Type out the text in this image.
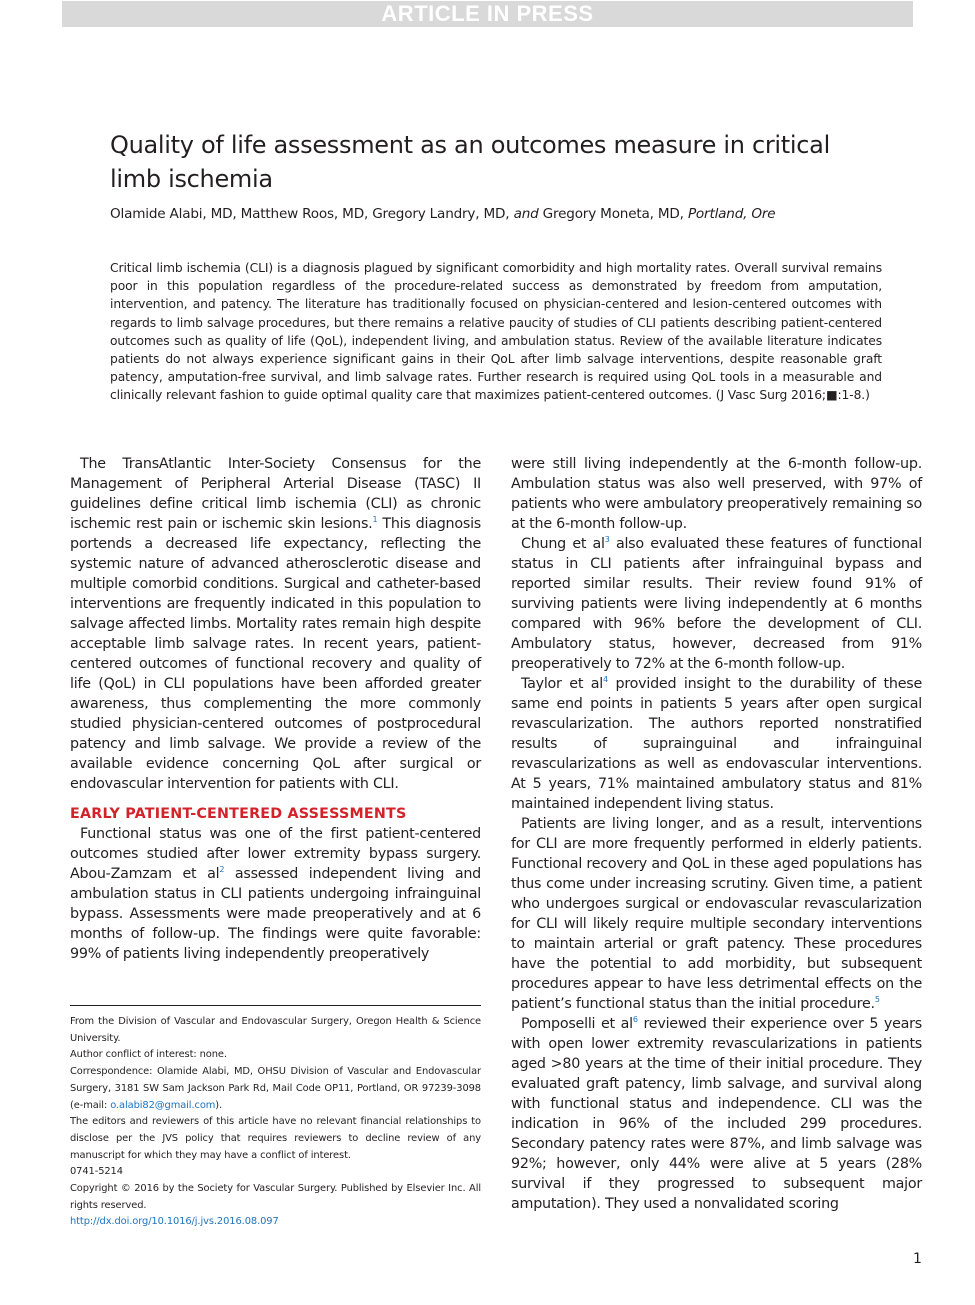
ARTICLE IN PRESS
Quality of life assessment as an outcomes measure in critical limb ischemia
Olamide Alabi, MD, Matthew Roos, MD, Gregory Landry, MD, and Gregory Moneta, MD, Portland, Ore

Critical limb ischemia (CLI) is a diagnosis plagued by significant comorbidity and high mortality rates. Overall survival remains poor in this population regardless of the procedure-related success as demonstrated by freedom from amputation, intervention, and patency. The literature has traditionally focused on physician-centered and lesion-centered outcomes with regards to limb salvage procedures, but there remains a relative paucity of studies of CLI patients describing patient-centered outcomes such as quality of life (QoL), independent living, and ambulation status. Review of the available literature indicates patients do not always experience significant gains in their QoL after limb salvage interventions, despite reasonable graft patency, amputation-free survival, and limb salvage rates. Further research is required using QoL tools in a measurable and clinically relevant fashion to guide optimal quality care that maximizes patient-centered outcomes. (J Vasc Surg 2016;■:1-8.)

The TransAtlantic Inter-Society Consensus for the Management of Peripheral Arterial Disease (TASC) II guidelines define critical limb ischemia (CLI) as chronic ischemic rest pain or ischemic skin lesions.$^1$ This diagnosis portends a decreased life expectancy, reflecting the systemic nature of advanced atherosclerotic disease and multiple comorbid conditions. Surgical and catheter-based interventions are frequently indicated in this population to salvage affected limbs. Mortality rates remain high despite acceptable limb salvage rates. In recent years, patient-centered outcomes of functional recovery and quality of life (QoL) in CLI populations have been afforded greater awareness, thus complementing the more commonly studied physician-centered outcomes of postprocedural patency and limb salvage. We provide a review of the available evidence concerning QoL after surgical or endovascular intervention for patients with CLI.

EARLY PATIENT-CENTERED ASSESSMENTS

Functional status was one of the first patient-centered outcomes studied after lower extremity bypass surgery. Abou-Zamzam et $al^2$ assessed independent living and ambulation status in CLI patients undergoing infrainguinal bypass. Assessments were made preoperatively and at 6 months of follow-up. The findings were quite favorable: 99% of patients living independently preoperatively

were still living independently at the 6-month follow-up. Ambulation status was also well preserved, with 97% of patients who were ambulatory preoperatively remaining so at the 6-month follow-up.

Chung et $al^3$ also evaluated these features of functional status in CLI patients after infrainguinal bypass and reported similar results. Their review found 91% of surviving patients were living independently at 6 months compared with 96% before the development of CLI. Ambulatory status, however, decreased from 91% preoperatively to 72% at the 6-month follow-up.

Taylor et $al^4$ provided insight to the durability of these same end points in patients 5 years after open surgical revascularization. The authors reported nonstratified results of suprainguinal and infrainguinal revascularizations as well as endovascular interventions. At 5 years, 71% maintained ambulatory status and 81% maintained independent living status.

Patients are living longer, and as a result, interventions for CLI are more frequently performed in elderly patients. Functional recovery and QoL in these aged populations has thus come under increasing scrutiny. Given time, a patient who undergoes surgical or endovascular revascularization for CLI will likely require multiple secondary interventions to maintain arterial or graft patency. These procedures have the potential to add morbidity, but subsequent procedures appear to have less detrimental effects on the patient’s functional status than the initial procedure.$^5$

Pomposelli et $al^6$ reviewed their experience over 5 years with open lower extremity revascularizations in patients aged >80 years at the time of their initial procedure. They evaluated graft patency, limb salvage, and survival along with functional status and independence. CLI was the indication in 96% of the included 299 procedures. Secondary patency rates were 87%, and limb salvage was 92%; however, only 44% were alive at 5 years (28% survival if they progressed to subsequent major amputation). They used a nonvalidated scoring

From the Division of Vascular and Endovascular Surgery, Oregon Health & Science University.

Author conflict of interest: none.

Correspondence: Olamide Alabi, MD, OHSU Division of Vascular and Endovascular Surgery, 3181 SW Sam Jackson Park Rd, Mail Code OP11, Portland, OR 97239-3098 (e-mail: o.alabi82@gmail.com).

The editors and reviewers of this article have no relevant financial relationships to disclose per the JVS policy that requires reviewers to decline review of any manuscript for which they may have a conflict of interest.

0741-5214

Copyright © 2016 by the Society for Vascular Surgery. Published by Elsevier Inc. All rights reserved.

http://dx.doi.org/10.1016/j.jvs.2016.08.097

1
